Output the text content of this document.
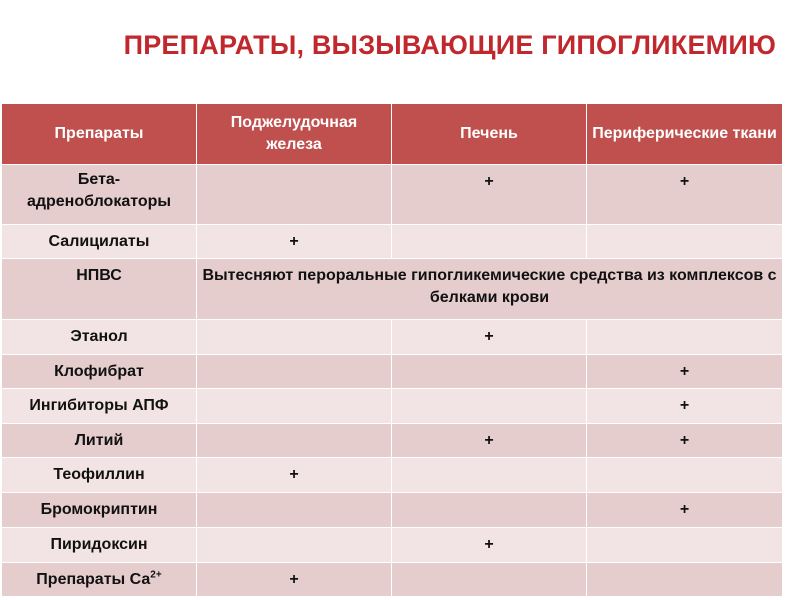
ПРЕПАРАТЫ, ВЫЗЫВАЮЩИЕ ГИПОГЛИКЕМИЮ
Препараты	Поджелудочная железа	Печень	Периферические ткани
Бета-адреноблокаторы		+	+
Салицилаты	+		
НПВС	Вытесняют пероральные гипогликемические средства из комплексов с белками крови		
Этанол		+	
Клофибрат			+
Ингибиторы АПФ			+
Литий		+	+
Теофиллин	+		
Бромокриптин			+
Пиридоксин		+	
Препараты $Са^{2+}$	+		
